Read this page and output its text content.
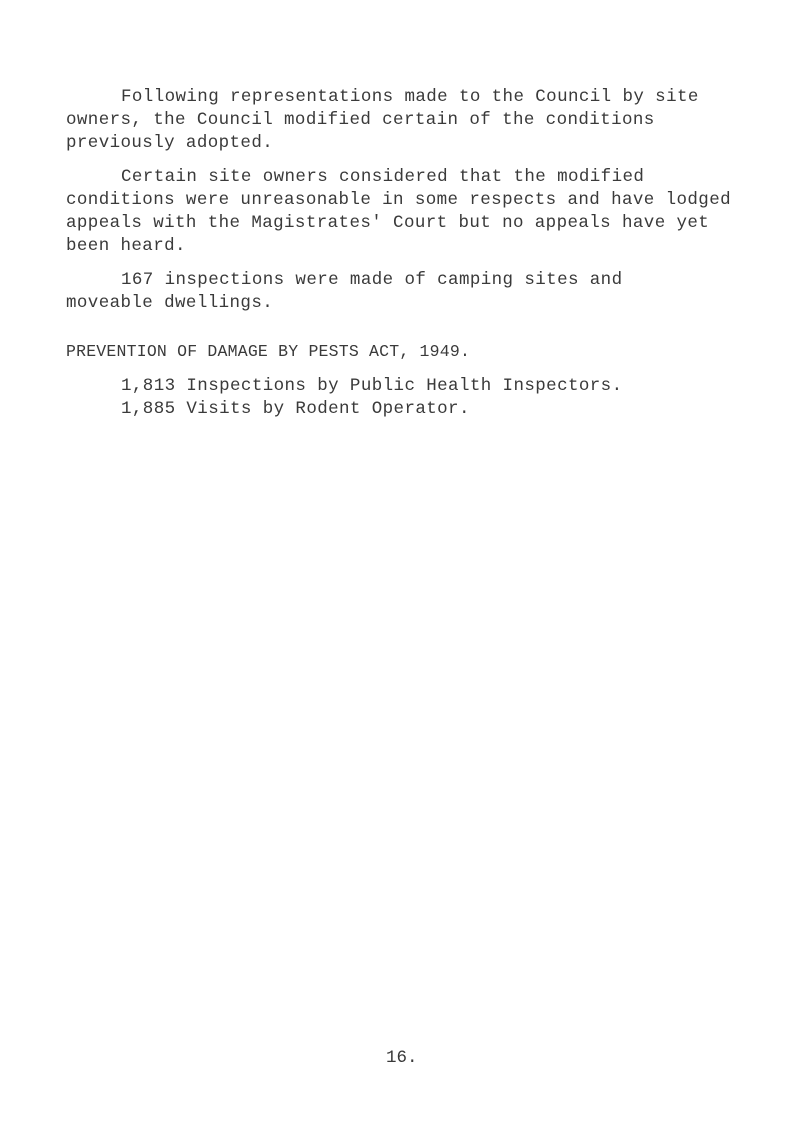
Following representations made to the Council by site
owners, the Council modified certain of the conditions
previously adopted.
Certain site owners considered that the modified
conditions were unreasonable in some respects and have lodged
appeals with the Magistrates' Court but no appeals have yet
been heard.
167 inspections were made of camping sites and
moveable dwellings.
PREVENTION OF DAMAGE BY PESTS ACT, 1949.
1,813 Inspections by Public Health Inspectors.
1,885 Visits by Rodent Operator.
16.
